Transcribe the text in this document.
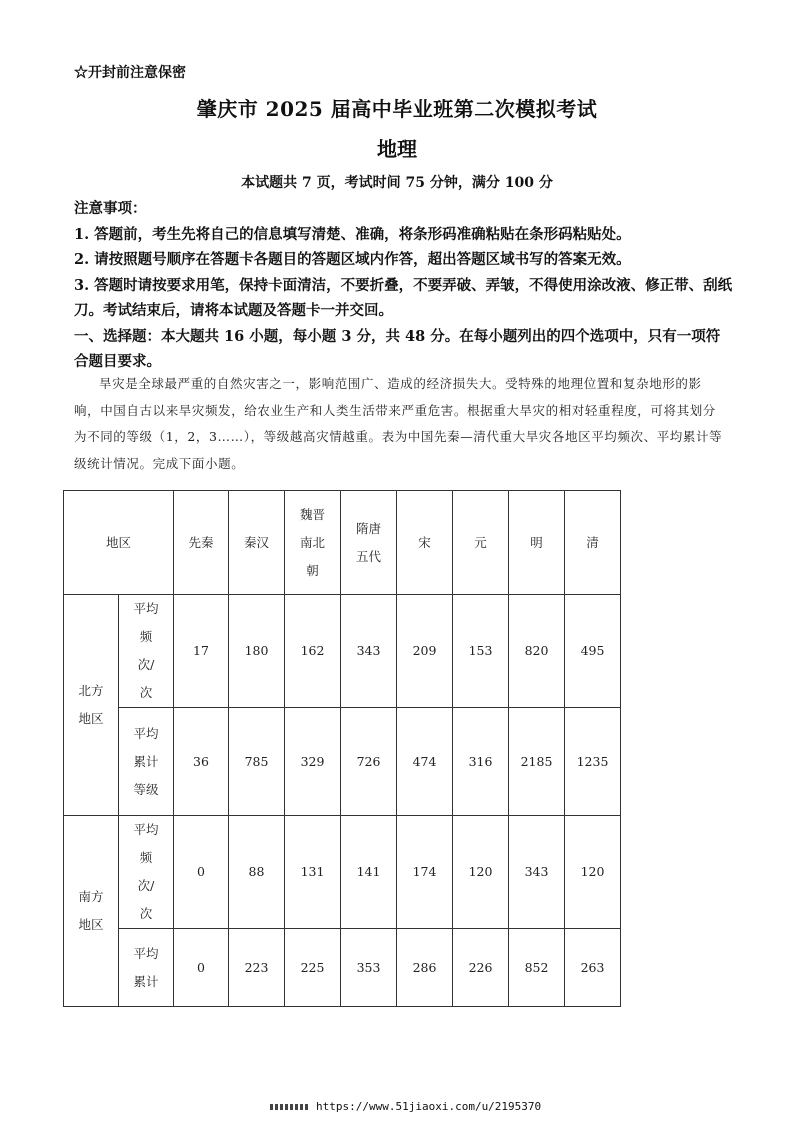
☆开封前注意保密
肇庆市 2025 届高中毕业班第二次模拟考试
地理
本试题共 7 页，考试时间 75 分钟，满分 100 分

注意事项：

1. 答题前，考生先将自己的信息填写清楚、准确，将条形码准确粘贴在条形码粘贴处。

2. 请按照题号顺序在答题卡各题目的答题区域内作答，超出答题区域书写的答案无效。

3. 答题时请按要求用笔，保持卡面清洁，不要折叠，不要弄破、弄皱，不得使用涂改液、修正带、刮纸刀。考试结束后，请将本试题及答题卡一并交回。

一、选择题：本大题共 16 小题，每小题 3 分，共 48 分。在每小题列出的四个选项中，只有一项符合题目要求。

旱灾是全球最严重的自然灾害之一，影响范围广、造成的经济损失大。受特殊的地理位置和复杂地形的影响，中国自古以来旱灾频发，给农业生产和人类生活带来严重危害。根据重大旱灾的相对轻重程度，可将其划分为不同的等级（1，2，3……），等级越高灾情越重。表为中国先秦—清代重大旱灾各地区平均频次、平均累计等级统计情况。完成下面小题。
地区		先秦	秦汉	魏晋南北朝	隋唐五代	宋	元	明	清
北方地区	平均频次/次	17	180	162	343	209	153	820	495
	平均累计等级	36	785	329	726	474	316	2185	1235
南方地区	平均频次/次	0	88	131	141	174	120	343	120
	平均累计	0	223	225	353	286	226	852	263
https://www.51jiaoxi.com/u/2195370
